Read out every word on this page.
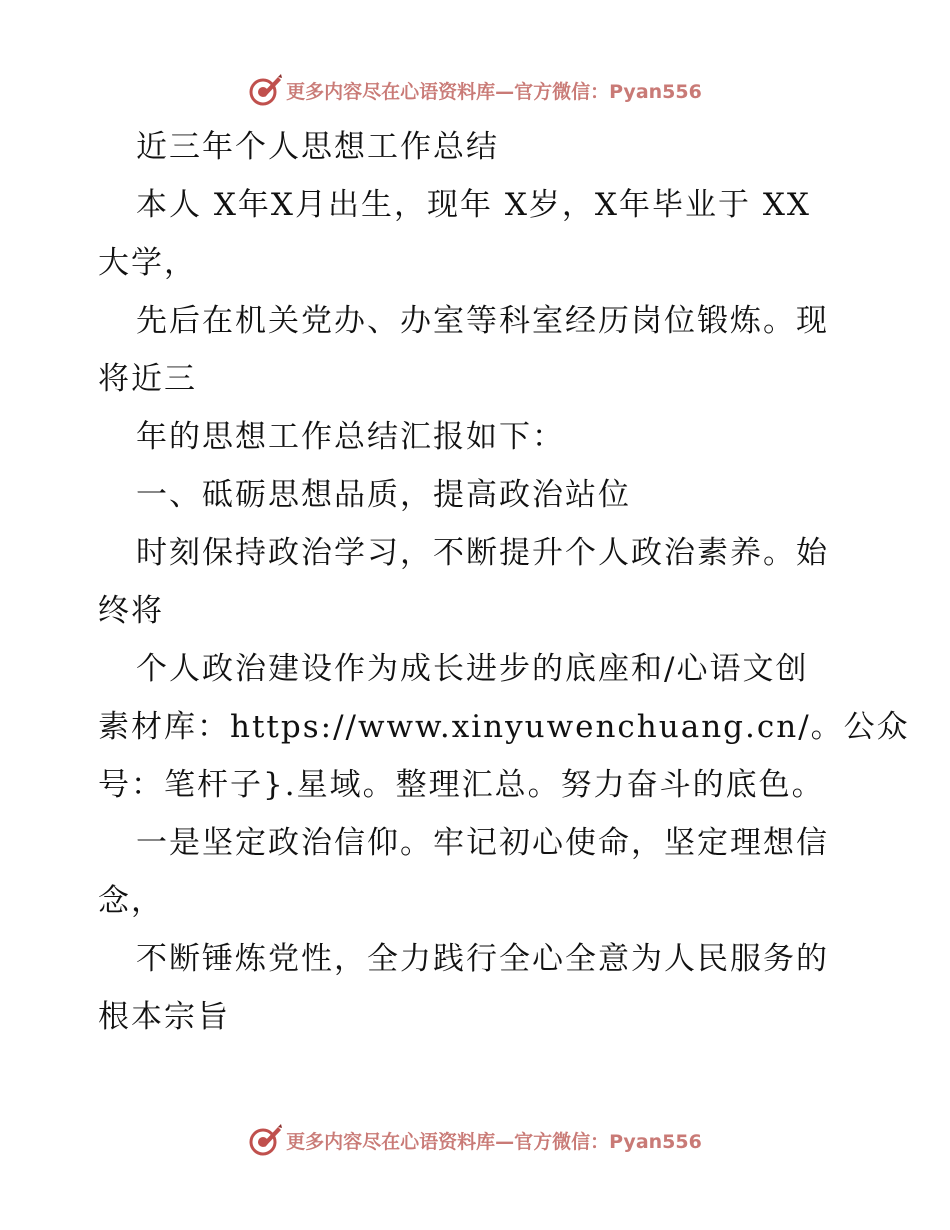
更多内容尽在心语资料库—官方微信：Pyan556
近三年个人思想工作总结
本人 X年X月出生，现年 X岁，X年毕业于 XX
大学，
先后在机关党办、办室等科室经历岗位锻炼。现
将近三
年的思想工作总结汇报如下：
一、砥砺思想品质，提高政治站位
时刻保持政治学习，不断提升个人政治素养。始
终将
个人政治建设作为成长进步的底座和/心语文创
素材库：https://www.xinyuwenchuang.cn/。公众
号：笔杆子}.星域。整理汇总。努力奋斗的底色。
一是坚定政治信仰。牢记初心使命，坚定理想信
念，
不断锤炼党性，全力践行全心全意为人民服务的
根本宗旨
更多内容尽在心语资料库—官方微信：Pyan556
